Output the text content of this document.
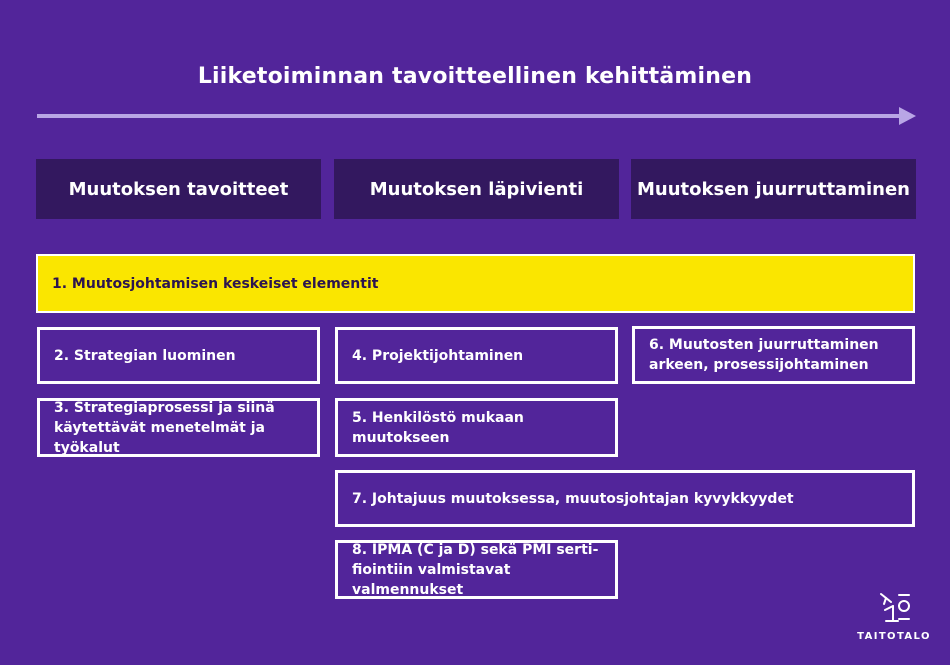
Liiketoiminnan tavoitteellinen kehittäminen
Muutoksen tavoitteet	Muutoksen läpivienti	Muutoksen juurruttaminen
1. Muutosjohtamisen keskeiset elementit
2. Strategian luominen
3. Strategiaprosessi ja siinä käytettävät menetelmät ja työkalut
4. Projektijohtaminen
5. Henkilöstö mukaan muutokseen
6. Muutosten juurruttaminen arkeen, prosessijohtaminen
7. Johtajuus muutoksessa, muutosjohtajan kyvykkyydet
8. IPMA (C ja D) sekä PMI serti-fiointiin valmistavat valmennukset
TAITOTALO
